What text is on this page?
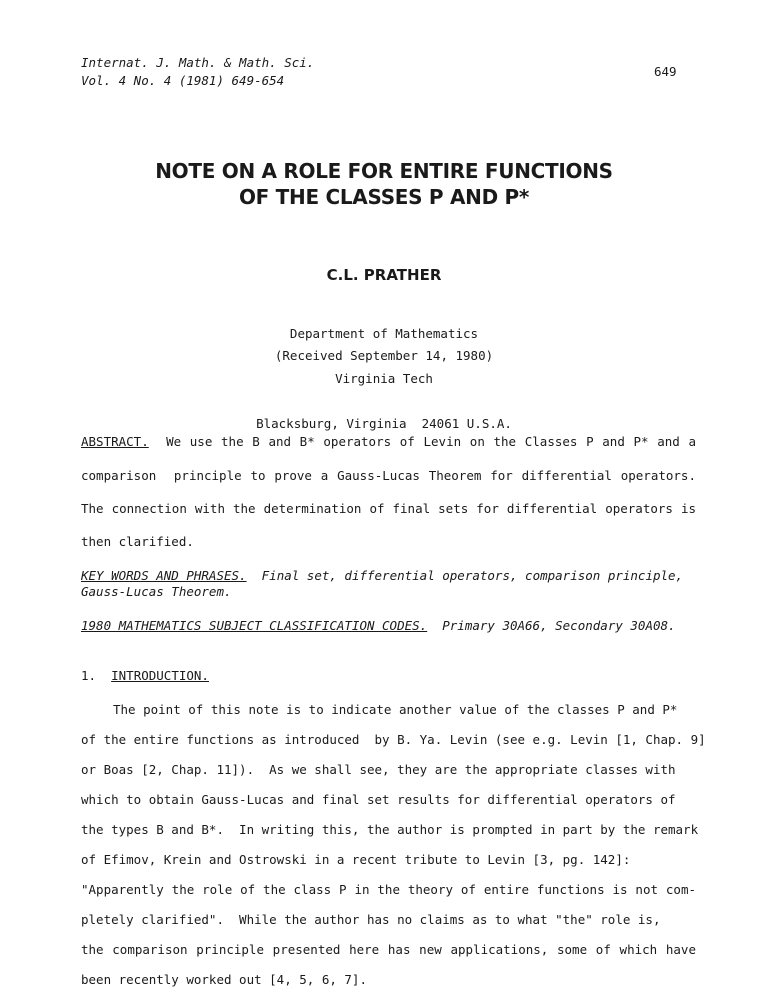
Internat. J. Math. & Math. Sci.
Vol. 4 No. 4 (1981) 649-654
649
NOTE ON A ROLE FOR ENTIRE FUNCTIONS
OF THE CLASSES P AND P*
C.L. PRATHER

Department of Mathematics

Virginia Tech

Blacksburg, Virginia  24061 U.S.A.

(Received September 14, 1980)
ABSTRACT. We use the B and B* operators of Levin on the Classes P and P* and a
comparison  principle to prove a Gauss-Lucas Theorem for differential operators.
The connection with the determination of final sets for differential operators is
then clarified.
KEY WORDS AND PHRASES. Final set, differential operators, comparison principle,
Gauss-Lucas Theorem.
1980 MATHEMATICS SUBJECT CLASSIFICATION CODES. Primary 30A66, Secondary 30A08.
1. INTRODUCTION.
The point of this note is to indicate another value of the classes P and P*
of the entire functions as introduced  by B. Ya. Levin (see e.g. Levin [1, Chap. 9]
or Boas [2, Chap. 11]).  As we shall see, they are the appropriate classes with
which to obtain Gauss-Lucas and final set results for differential operators of
the types B and B*.  In writing this, the author is prompted in part by the remark
of Efimov, Krein and Ostrowski in a recent tribute to Levin [3, pg. 142]:
"Apparently the role of the class P in the theory of entire functions is not com-
pletely clarified".  While the author has no claims as to what "the" role is,
the comparison principle presented here has new applications, some of which have
been recently worked out [4, 5, 6, 7].
